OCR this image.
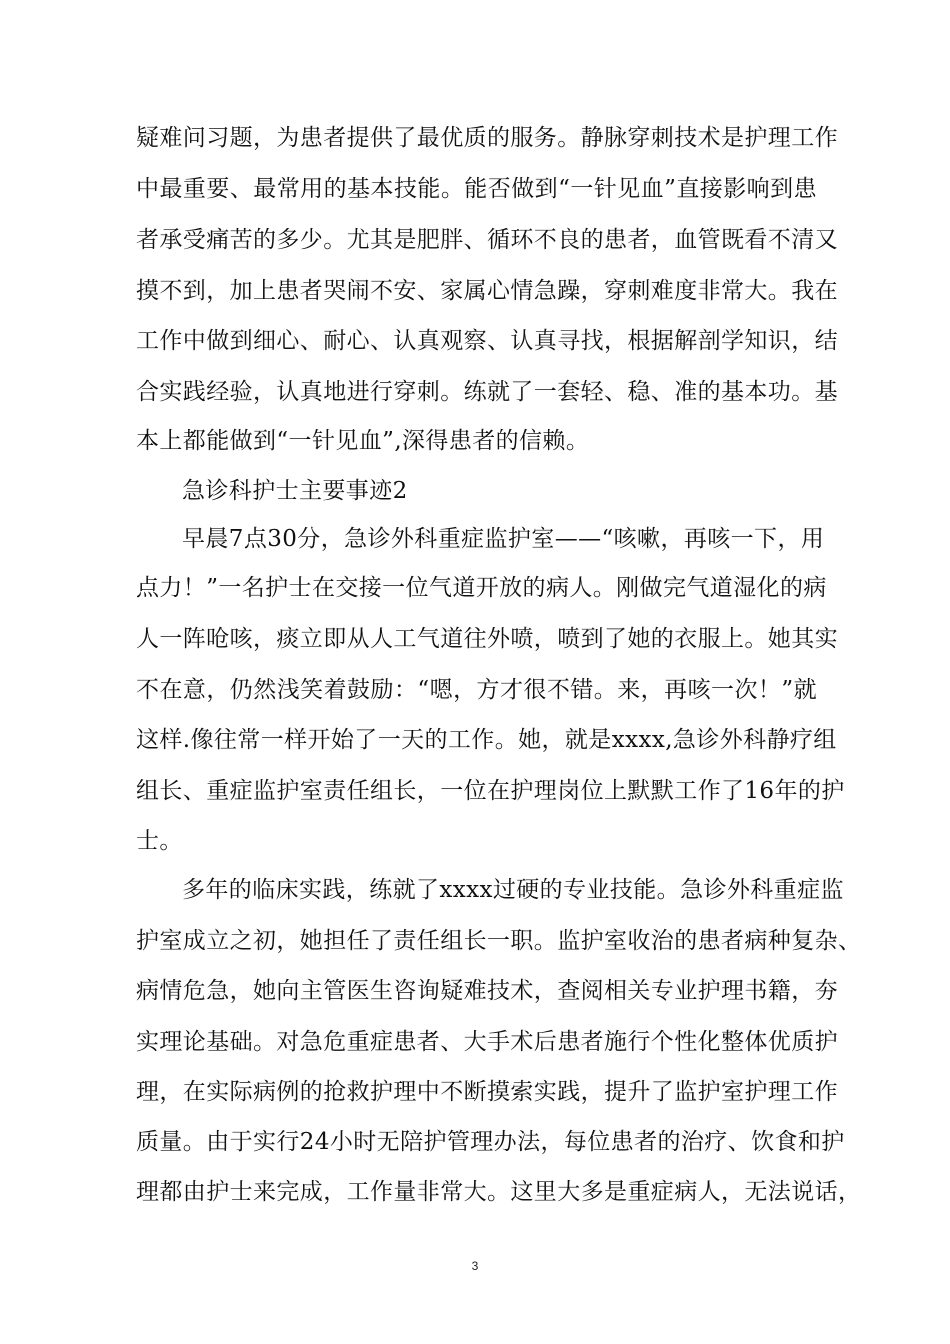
疑难问习题，为患者提供了最优质的服务。静脉穿刺技术是护理工作
中最重要、最常用的基本技能。能否做到“一针见血”直接影响到患
者承受痛苦的多少。尤其是肥胖、循环不良的患者，血管既看不清又
摸不到，加上患者哭闹不安、家属心情急躁，穿刺难度非常大。我在
工作中做到细心、耐心、认真观察、认真寻找，根据解剖学知识，结
合实践经验，认真地进行穿刺。练就了一套轻、稳、准的基本功。基
本上都能做到“一针见血”,深得患者的信赖。
急诊科护士主要事迹2
早晨7点30分，急诊外科重症监护室——“咳嗽，再咳一下，用
点力！”一名护士在交接一位气道开放的病人。刚做完气道湿化的病
人一阵呛咳，痰立即从人工气道往外喷，喷到了她的衣服上。她其实
不在意，仍然浅笑着鼓励：“嗯，方才很不错。来，再咳一次！”就
这样.像往常一样开始了一天的工作。她，就是xxxx,急诊外科静疗组
组长、重症监护室责任组长，一位在护理岗位上默默工作了16年的护
士。
多年的临床实践，练就了xxxx过硬的专业技能。急诊外科重症监
护室成立之初，她担任了责任组长一职。监护室收治的患者病种复杂、
病情危急，她向主管医生咨询疑难技术，查阅相关专业护理书籍，夯
实理论基础。对急危重症患者、大手术后患者施行个性化整体优质护
理，在实际病例的抢救护理中不断摸索实践，提升了监护室护理工作
质量。由于实行24小时无陪护管理办法，每位患者的治疗、饮食和护
理都由护士来完成，工作量非常大。这里大多是重症病人，无法说话，
3
